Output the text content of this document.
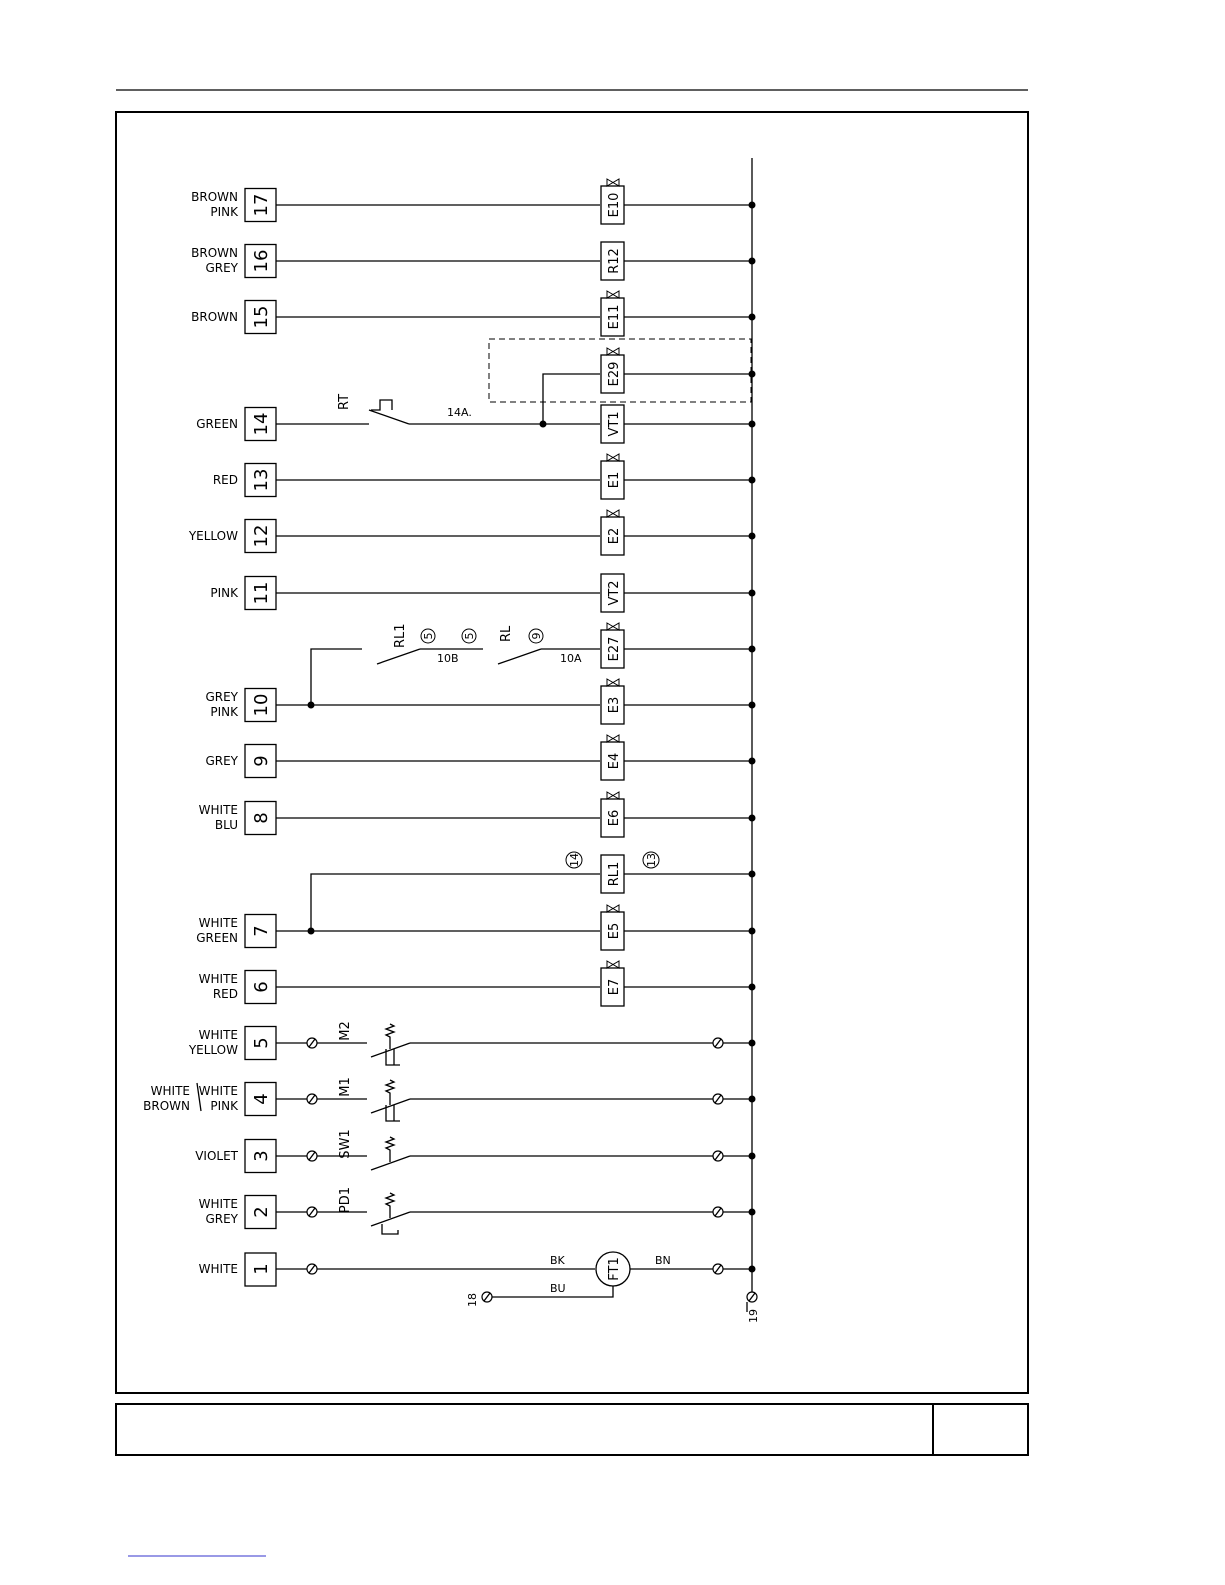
17
BROWN
PINK	E10
16
BROWN
GREY	R12
15
BROWN	E11
E29
14
GREEN	VT1
13
RED	E1
12
YELLOW	E2
11
PINK	VT2
E27
10
GREY
PINK	E3
9
GREY	E4
8
WHITE
BLU	E6
RL1
7
WHITE
GREEN	E5
6
WHITE
RED	E7
5
WHITE
YELLOW
M2
4
WHITE
BROWN
WHITE
PINK
M1
3
VIOLET	SW1
2
WHITE
GREY
PD1
RT
14A.
RL1	RL
10B	10A
5	5	9
14	13
1
WHITE	FT1
BK	BN
BU
18
19
